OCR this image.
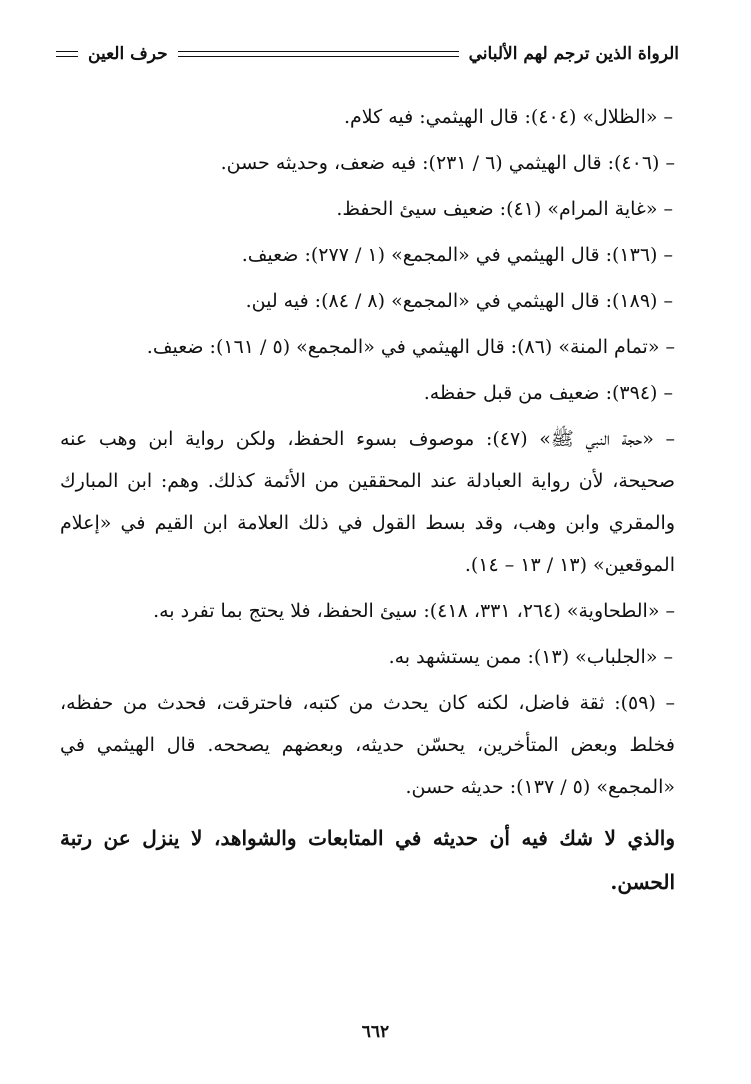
الرواة الذين ترجم لهم الألباني
حرف العين

– «الظلال» (٤٠٤): قال الهيثمي: فيه كلام.

– (٤٠٦): قال الهيثمي (٦ / ٢٣١): فيه ضعف، وحديثه حسن.

– «غاية المرام» (٤١): ضعيف سيئ الحفظ.

– (١٣٦): قال الهيثمي في «المجمع» (١ / ٢٧٧): ضعيف.

– (١٨٩): قال الهيثمي في «المجمع» (٨ / ٨٤): فيه لين.

– «تمام المنة» (٨٦): قال الهيثمي في «المجمع» (٥ / ١٦١): ضعيف.

– (٣٩٤): ضعيف من قبل حفظه.

– «حجة النبي ﷺ» (٤٧): موصوف بسوء الحفظ، ولكن رواية ابن وهب عنه صحيحة، لأن رواية العبادلة عند المحققين من الأئمة كذلك. وهم: ابن المبارك والمقري وابن وهب، وقد بسط القول في ذلك العلامة ابن القيم في «إعلام الموقعين» (١٣ / ١٣ – ١٤).

– «الطحاوية» (٢٦٤، ٣٣١، ٤١٨): سيئ الحفظ، فلا يحتج بما تفرد به.

– «الجلباب» (١٣): ممن يستشهد به.

– (٥٩): ثقة فاضل، لكنه كان يحدث من كتبه، فاحترقت، فحدث من حفظه، فخلط وبعض المتأخرين، يحسّن حديثه، وبعضهم يصححه. قال الهيثمي في «المجمع» (٥ / ١٣٧): حديثه حسن.

والذي لا شك فيه أن حديثه في المتابعات والشواهد، لا ينزل عن رتبة الحسن.

٦٦٢
